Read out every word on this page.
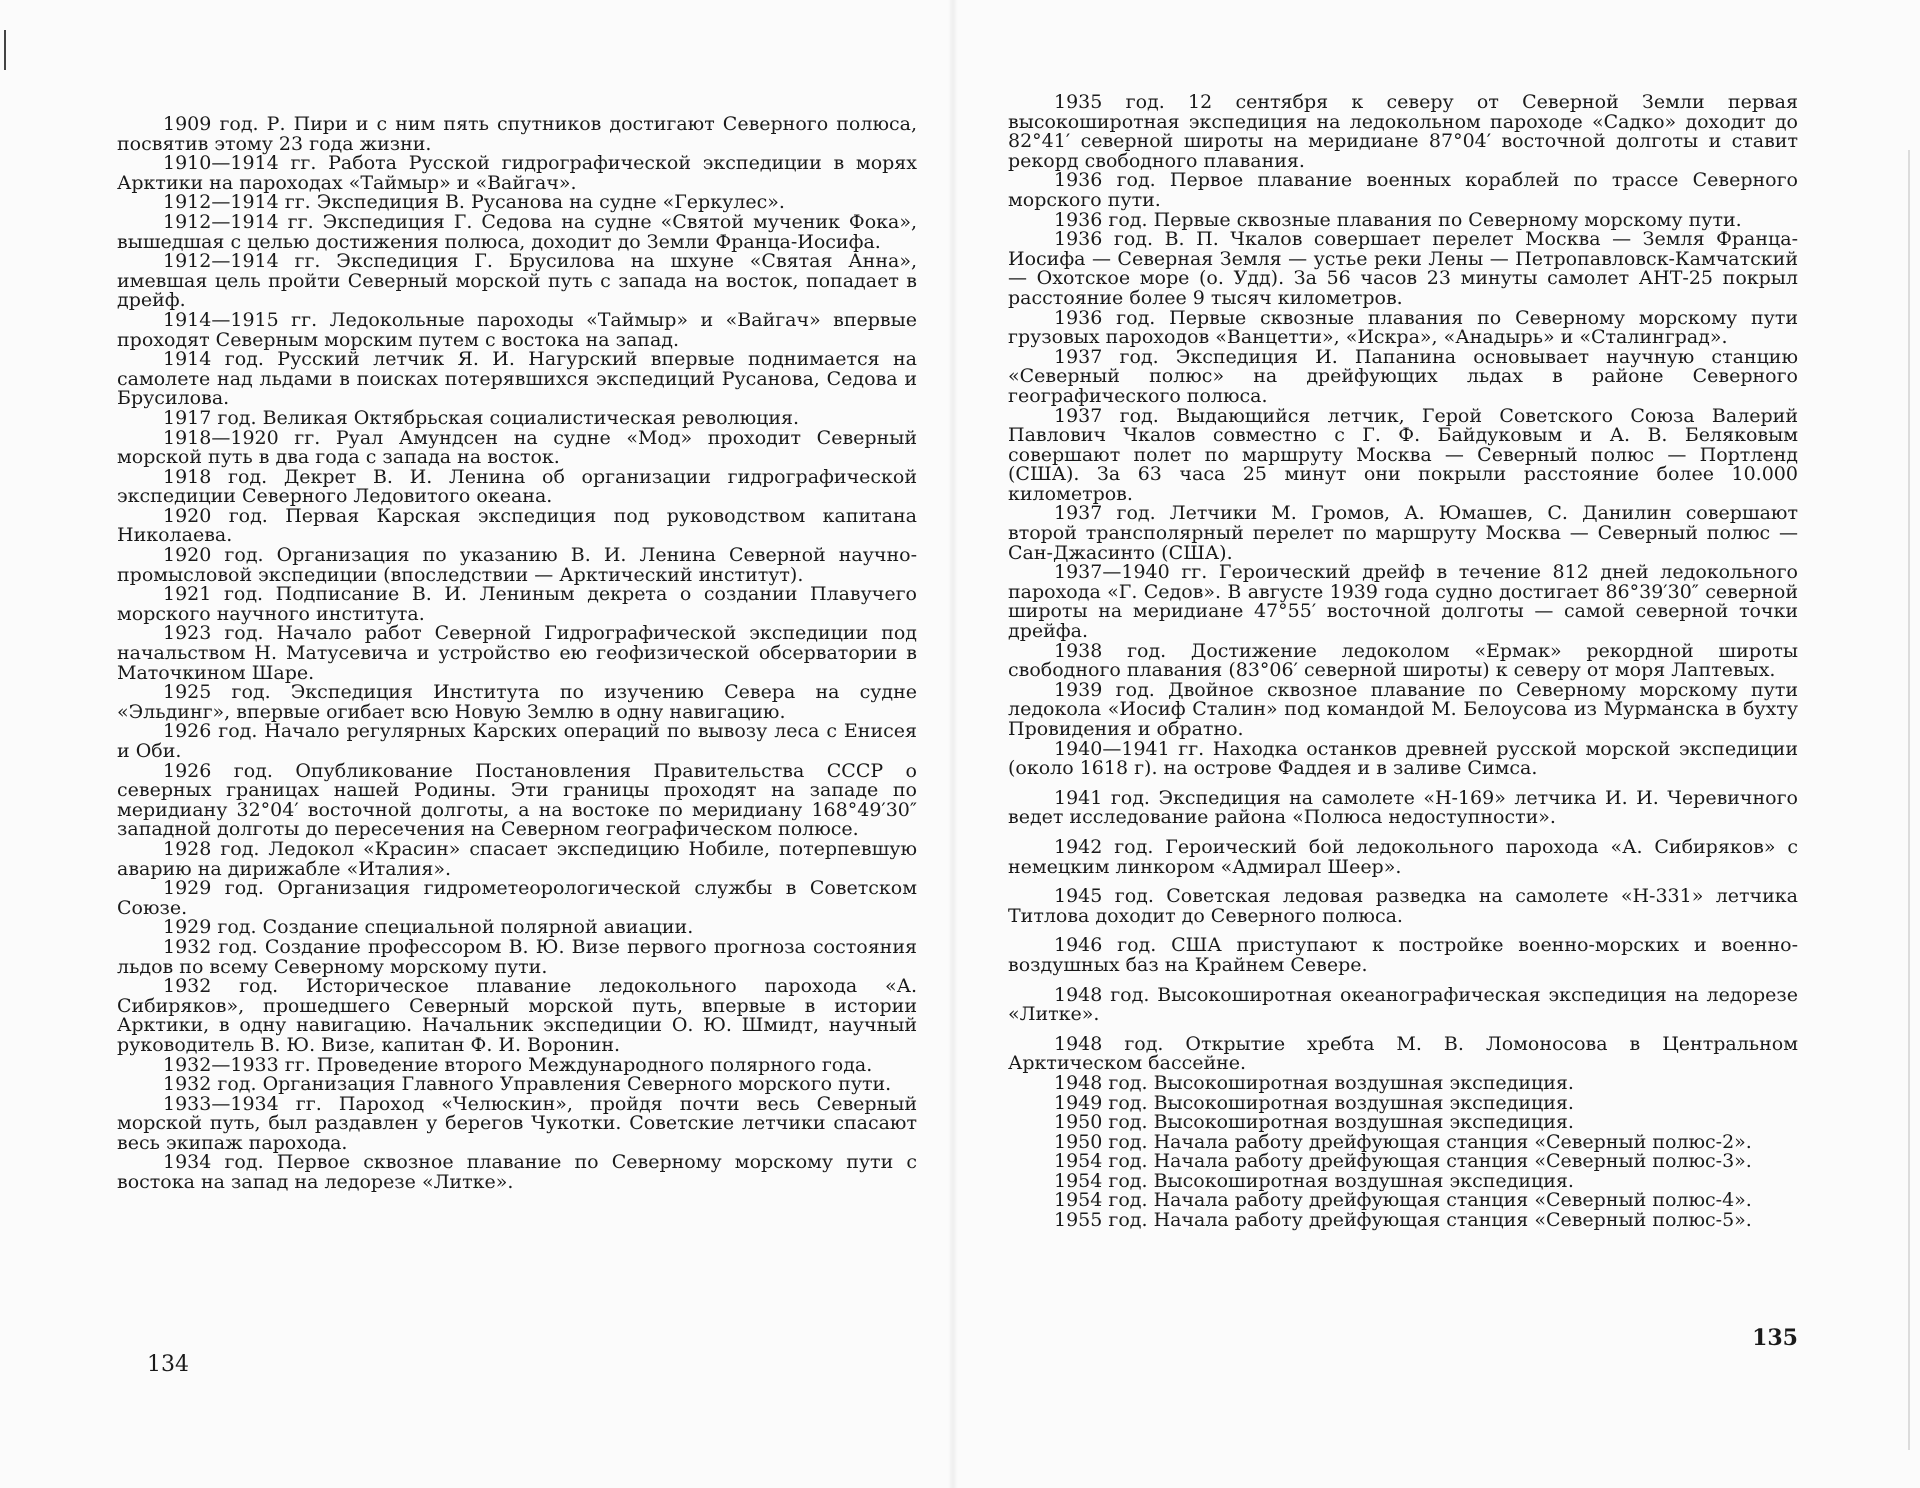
1909 год. Р. Пири и с ним пять спутников достигают Северного полюса, посвятив этому 23 года жизни.

1910—1914 гг. Работа Русской гидрографической экспедиции в морях Арктики на пароходах «Таймыр» и «Вайгач».

1912—1914 гг. Экспедиция В. Русанова на судне «Геркулес».

1912—1914 гг. Экспедиция Г. Седова на судне «Святой мученик Фока», вышедшая с целью достижения полюса, доходит до Земли Франца-Иосифа.

1912—1914 гг. Экспедиция Г. Брусилова на шхуне «Святая Анна», имевшая цель пройти Северный морской путь с запада на восток, попадает в дрейф.

1914—1915 гг. Ледокольные пароходы «Таймыр» и «Вайгач» впервые проходят Северным морским путем с востока на запад.

1914 год. Русский летчик Я. И. Нагурский впервые поднимается на самолете над льдами в поисках потерявшихся экспедиций Русанова, Седова и Брусилова.

1917 год. Великая Октябрьская социалистическая революция.

1918—1920 гг. Руал Амундсен на судне «Мод» проходит Северный морской путь в два года с запада на восток.

1918 год. Декрет В. И. Ленина об организации гидрографической экспедиции Северного Ледовитого океана.

1920 год. Первая Карская экспедиция под руководством капитана Николаева.

1920 год. Организация по указанию В. И. Ленина Северной научно-промысловой экспедиции (впоследствии — Арктический институт).

1921 год. Подписание В. И. Лениным декрета о создании Плавучего морского научного института.

1923 год. Начало работ Северной Гидрографической экспедиции под начальством Н. Матусевича и устройство ею геофизической обсерватории в Маточкином Шаре.

1925 год. Экспедиция Института по изучению Севера на судне «Эльдинг», впервые огибает всю Новую Землю в одну навигацию.

1926 год. Начало регулярных Карских операций по вывозу леса с Енисея и Оби.

1926 год. Опубликование Постановления Правительства СССР о северных границах нашей Родины. Эти границы проходят на западе по меридиану 32°04′ восточной долготы, а на востоке по меридиану 168°49′30″ западной долготы до пересечения на Северном географическом полюсе.

1928 год. Ледокол «Красин» спасает экспедицию Нобиле, потерпевшую аварию на дирижабле «Италия».

1929 год. Организация гидрометеорологической службы в Советском Союзе.

1929 год. Создание специальной полярной авиации.

1932 год. Создание профессором В. Ю. Визе первого прогноза состояния льдов по всему Северному морскому пути.

1932 год. Историческое плавание ледокольного парохода «А. Сибиряков», прошедшего Северный морской путь, впервые в истории Арктики, в одну навигацию. Начальник экспедиции О. Ю. Шмидт, научный руководитель В. Ю. Визе, капитан Ф. И. Воронин.

1932—1933 гг. Проведение второго Международного полярного года.

1932 год. Организация Главного Управления Северного морского пути.

1933—1934 гг. Пароход «Челюскин», пройдя почти весь Северный морской путь, был раздавлен у берегов Чукотки. Советские летчики спасают весь экипаж парохода.

1934 год. Первое сквозное плавание по Северному морскому пути с востока на запад на ледорезе «Литке».

134

1935 год. 12 сентября к северу от Северной Земли первая высокоширотная экспедиция на ледокольном пароходе «Садко» доходит до 82°41′ северной широты на меридиане 87°04′ восточной долготы и ставит рекорд свободного плавания.

1936 год. Первое плавание военных кораблей по трассе Северного морского пути.

1936 год. Первые сквозные плавания по Северному морскому пути.

1936 год. В. П. Чкалов совершает перелет Москва — Земля Франца-Иосифа — Северная Земля — устье реки Лены — Петропавловск-Камчатский — Охотское море (о. Удд). За 56 часов 23 минуты самолет АНТ-25 покрыл расстояние более 9 тысяч километров.

1936 год. Первые сквозные плавания по Северному морскому пути грузовых пароходов «Ванцетти», «Искра», «Анадырь» и «Сталинград».

1937 год. Экспедиция И. Папанина основывает научную станцию «Северный полюс» на дрейфующих льдах в районе Северного географического полюса.

1937 год. Выдающийся летчик, Герой Советского Союза Валерий Павлович Чкалов совместно с Г. Ф. Байдуковым и А. В. Беляковым совершают полет по маршруту Москва — Северный полюс — Портленд (США). За 63 часа 25 минут они покрыли расстояние более 10.000 километров.

1937 год. Летчики М. Громов, А. Юмашев, С. Данилин совершают второй трансполярный перелет по маршруту Москва — Северный полюс — Сан-Джасинто (США).

1937—1940 гг. Героический дрейф в течение 812 дней ледокольного парохода «Г. Седов». В августе 1939 года судно достигает 86°39′30″ северной широты на меридиане 47°55′ восточной долготы — самой северной точки дрейфа.

1938 год. Достижение ледоколом «Ермак» рекордной широты свободного плавания (83°06′ северной широты) к северу от моря Лаптевых.

1939 год. Двойное сквозное плавание по Северному морскому пути ледокола «Иосиф Сталин» под командой М. Белоусова из Мурманска в бухту Провидения и обратно.

1940—1941 гг. Находка останков древней русской морской экспедиции (около 1618 г). на острове Фаддея и в заливе Симса.

1941 год. Экспедиция на самолете «Н-169» летчика И. И. Черевичного ведет исследование района «Полюса недоступности».

1942 год. Героический бой ледокольного парохода «А. Сибиряков» с немецким линкором «Адмирал Шеер».

1945 год. Советская ледовая разведка на самолете «Н-331» летчика Титлова доходит до Северного полюса.

1946 год. США приступают к постройке военно-морских и военно-воздушных баз на Крайнем Севере.

1948 год. Высокоширотная океанографическая экспедиция на ледорезе «Литке».

1948 год. Открытие хребта М. В. Ломоносова в Центральном Арктическом бассейне.

1948 год. Высокоширотная воздушная экспедиция.

1949 год. Высокоширотная воздушная экспедиция.

1950 год. Высокоширотная воздушная экспедиция.

1950 год. Начала работу дрейфующая станция «Северный полюс-2».

1954 год. Начала работу дрейфующая станция «Северный полюс-3».

1954 год. Высокоширотная воздушная экспедиция.

1954 год. Начала работу дрейфующая станция «Северный полюс-4».

1955 год. Начала работу дрейфующая станция «Северный полюс-5».

135
